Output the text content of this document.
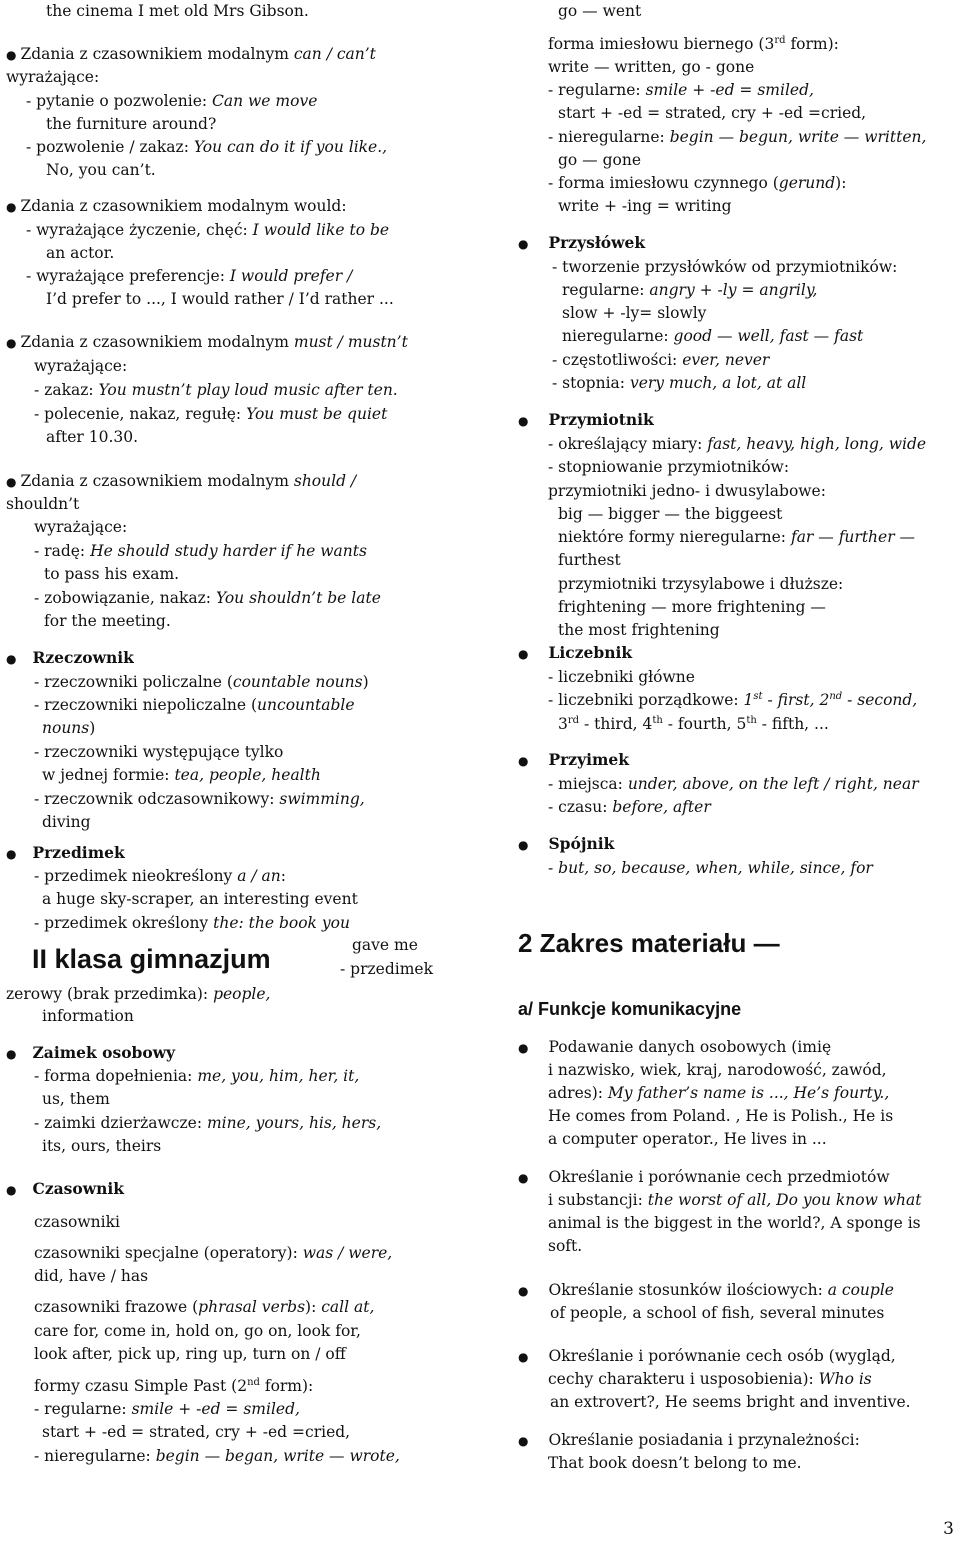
the cinema I met old Mrs Gibson.
● Zdania z czasownikiem modalnym can / can’t
wyrażające:
- pytanie o pozwolenie: Can we move
the furniture around?
- pozwolenie / zakaz: You can do it if you like.,
No, you can’t.
● Zdania z czasownikiem modalnym would:
- wyrażające życzenie, chęć: I would like to be
an actor.
- wyrażające preferencje: I would prefer /
I’d prefer to ..., I would rather / I’d rather ...
● Zdania z czasownikiem modalnym must / mustn’t
wyrażające:
- zakaz: You mustn’t play loud music after ten.
- polecenie, nakaz, regułę: You must be quiet
after 10.30.
● Zdania z czasownikiem modalnym should /
shouldn’t
wyrażające:
- radę: He should study harder if he wants
to pass his exam.
- zobowiązanie, nakaz: You shouldn’t be late
for the meeting.
● Rzeczownik
- rzeczowniki policzalne (countable nouns)
- rzeczowniki niepoliczalne (uncountable
nouns)
- rzeczowniki występujące tylko
w jednej formie: tea, people, health
- rzeczownik odczasownikowy: swimming,
diving
● Przedimek
- przedimek nieokreślony a / an:
a huge sky-scraper, an interesting event
- przedimek określony the: the book you
gave me
II klasa gimnazjum	- przedimek
zerowy (brak przedimka): people,
information
● Zaimek osobowy
- forma dopełnienia: me, you, him, her, it,
us, them
- zaimki dzierżawcze: mine, yours, his, hers,
its, ours, theirs
● Czasownik
czasowniki
czasowniki specjalne (operatory): was / were,
did, have / has
czasowniki frazowe (phrasal verbs): call at,
care for, come in, hold on, go on, look for,
look after, pick up, ring up, turn on / off
formy czasu Simple Past (2nd form):
- regularne: smile + -ed = smiled,
start + -ed = strated, cry + -ed =cried,
- nieregularne: begin — began, write — wrote,
go — went
forma imiesłowu biernego (3rd form):
write — written, go - gone
- regularne: smile + -ed = smiled,
start + -ed = strated, cry + -ed =cried,
- nieregularne: begin — begun, write — written,
go — gone
- forma imiesłowu czynnego (gerund):
write + -ing = writing
● Przysłówek
- tworzenie przysłówków od przymiotników:
regularne: angry + -ly = angrily,
slow + -ly= slowly
nieregularne: good — well, fast — fast
- częstotliwości: ever, never
- stopnia: very much, a lot, at all
● Przymiotnik
- określający miary: fast, heavy, high, long, wide
- stopniowanie przymiotników:
przymiotniki jedno- i dwusylabowe:
big — bigger — the biggeest
niektóre formy nieregularne: far — further —
furthest
przymiotniki trzysylabowe i dłuższe:
frightening — more frightening —
the most frightening
● Liczebnik
- liczebniki główne
- liczebniki porządkowe: 1st - first, 2nd - second,
3rd - third, 4th - fourth, 5th - fifth, ...
● Przyimek
- miejsca: under, above, on the left / right, near
- czasu: before, after
● Spójnik
- but, so, because, when, while, since, for
2 Zakres materiału —
a/ Funkcje komunikacyjne
● Podawanie danych osobowych (imię
i nazwisko, wiek, kraj, narodowość, zawód,
adres): My father’s name is ..., He’s fourty.,
He comes from Poland. , He is Polish., He is
a computer operator., He lives in ...
● Określanie i porównanie cech przedmiotów
i substancji: the worst of all, Do you know what
animal is the biggest in the world?, A sponge is
soft.
● Określanie stosunków ilościowych: a couple
of people, a school of fish, several minutes
● Określanie i porównanie cech osób (wygląd,
cechy charakteru i usposobienia): Who is
an extrovert?, He seems bright and inventive.
● Określanie posiadania i przynależności:
That book doesn’t belong to me.
3
